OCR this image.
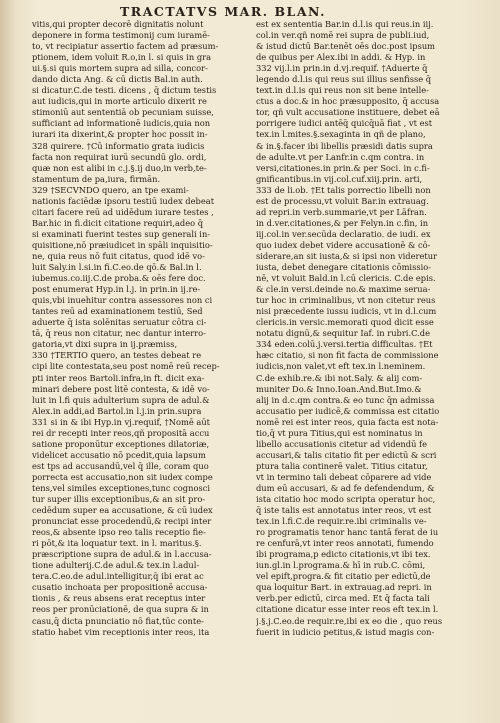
TRACTATVS MAR. BLAN.
vitis,qui propter decorē dignitatis nolunt
deponere in forma testimonij cum iuramē-
to, vt recipiatur assertio factem ad præsum-
ptionem, idem voluit R.o,in l. si quis in gra
ui.§.si quis mortem supra ad silla, concor-
dando dicta Ang. & cū dictis Bal.in auth.
si dicatur.C.de testi. dicens , q̄ dictum testis
aut iudicis,qui in morte articulo dixerit re
stimoniū aut sententiā ob pecuniam suisse,
sufficiant ad informationē iudicis,quia non
iurari ita dixerint,& propter hoc possit in-
328 quirere. †Cū informatio grata iudicis
facta non requirat iurū secundū glo. ordi,
quæ non est alibi in c.j.§.ij duo,in verb,te-
stamentum de pa,iura, firmān.
329 †SECVNDO quero, an tpe exami-
nationis faciēdæ ipsoru testiū iudex debeat
citari facere reū ad uidēdum iurare testes ,
Bar.hic in fi.dicit citatione requiri,adeo q̄
si examinati fuerint testes sup generali in-
quisitione,nō præiudicet in spāli inquisitio-
ne, quia reus nō fuit citatus, quod idē vo-
luit Saly.in l.si.in fi.C.eo.de qō.& Bal.in l.
iubemus.co.iij.C.de proba.& oēs fere doc.
post enumerat Hyp.in l.j. in prin.in ij.re-
quis,vbi inuehitur contra assessores non ci
tantes reū ad examinationem testiū, Sed
aduerte q̄ ista solēnitas seruatur cōtra ci-
tā, q̄ reus non citatur, nec dantur interro-
gatoria,vt dixi supra in ij.præmiss,
330 †TERTIO quero, an testes debeat re
cipi lite contestata,seu post nomē reū recep-
pti inter reos Bartoli.infra,in ft. dicit exa-
minari debere post litē contesta, & idē vo-
luit in l.fi quis adulterium supra de adul.&
Alex.in addi,ad Bartol.in l.j.in prin.supra
331 si in & ibi Hyp.in vj.requif, †Nomē aūt
rei dr recepti inter reos,qñ propositā accu
satione proponūtur exceptiones dilatoriæ,
videlicet accusatio nō pcedit,quia lapsum
est tps ad accusandū,vel q̄ ille, coram quo
porrecta est accusatio,non sit iudex compe
tens,vel similes exceptiones,tunc cognosci
tur super illis exceptionibus,& an sit pro-
cedēdum super ea accusatione, & cū iudex
pronunciat esse procedendū,& recipi inter
reos,& absente ipso reo talis receptio fie-
ri pōt,& ita loquatur text. in l. maritus.§.
præscriptione supra de adul.& in l.accusa-
tione adulterij.C.de adul.& tex.in l.adul-
tera.C.eo.de adul.intelligitur,q̄ ibi erat ac
cusatio inchoata per propositionē accusa-
tionis , & reus absens erat receptus inter
reos per pronūciationē, de qua supra & in
casu,q̄ dicta pnunciatio nō fiat,tūc conte-
statio habet vim receptionis inter reos, ita
est ex sententia Bar.in d.l.is qui reus.in iij.
col.in ver.qñ nomē rei supra de publi.iud,
& istud dictū Bar.tenēt oēs doc.post ipsum
de quibus per Alex.ibi in addi. & Hyp. in
332 vij.l.in prin.in d.vj.requif. †Aduerte q̄
legendo d.l.is qui reus sui illius senfisse q̄
text.in d.l.is qui reus non sit bene intelle-
ctus a doc.& in hoc præsupposito, q̄ accusa
tor, qñ vult accusatione instituere, debet eā
porrigere iudici antēq̄ quicq̄uā fiat , vt est
tex.in l.mites.§.sexaginta in qñ de plano,
& in.§.facer ibi libellis præsidi datis supra
de adulte.vt per Lanfr.in c.qm contra. in
versi,citationes.in prin.& per Soci. in c.fi-
gnificantibus.in vij.col.cuf.xiij.prin. arti,
333 de li.ob. †Et talis porrectio libelli non
est de processu,vt voluit Bar.in extrauag.
ad repri.in verb.summarie,vt per Lāfran.
in d.ver.citationes,& per Felyn.in c.fin, in
iij.col.in ver.secūda declaratio. de iudi. ex
quo iudex debet videre accusationē & cō-
siderare,an sit iusta,& si ipsi non videretur
iusta, debet denegare citationis cōmissio-
nē, vt voluit Bald.in l.cū clericis. C.de epis.
& cle.in versi.deinde no.& maxime serua-
tur hoc in criminalibus, vt non citetur reus
nisi præcedente iussu iudicis, vt in d.l.cum
clericis.in versic.memorati quod dicit esse
notatu dignū,& sequitur Iaf. in rubri.C.de
334 eden.colū.j.versi.tertia difficultas. †Et
hæc citatio, si non fit facta de commissione
iudicis,non valet,vt eft tex.in l.neminem.
C.de exhib.re.& ibi not.Saly. & alij com-
muniter Do.& Inno.Ioan.And.But.Imo.&
alij in d.c.qm contra.& eo tunc q̄n admissa
accusatio per iudicē,& commissa est citatio
nomē rei est inter reos, quia facta est nota-
tio,q̄ vt pura Titius,qui est nominatus in
libello accusationis citetur ad videndū fe
accusari,& talis citatio fit per edictū & scri
ptura talia continerē valet. Titius citatur,
vt in termino tali debeat cōparere ad vide
dum eū accusari, & ad fe defendendum, &
ista citatio hoc modo scripta operatur hoc,
q̄ iste talis est annotatus inter reos, vt est
tex.in l.fi.C.de requir.re.ibi criminalis ve-
ro programatis tenor hanc tantā ferat de iu
re cenfurā,vt inter reos annotati, fumendo
ibi programa,p edicto citationis,vt ibi tex.
iun.gl.in l.programa.& hī in rub.C. cōmi,
vel epift,progra.& fit citatio per edictū,de
qua loquitur Bart. in extrauag.ad repri. in
verb.per edictū, circa med. Et q̄ facta tali
citatione dicatur esse inter reos eft tex.in l.
j.§.j.C.eo.de requir.re,ibi ex eo die , quo reus
fuerit in iudicio petitus,& istud magis con-
